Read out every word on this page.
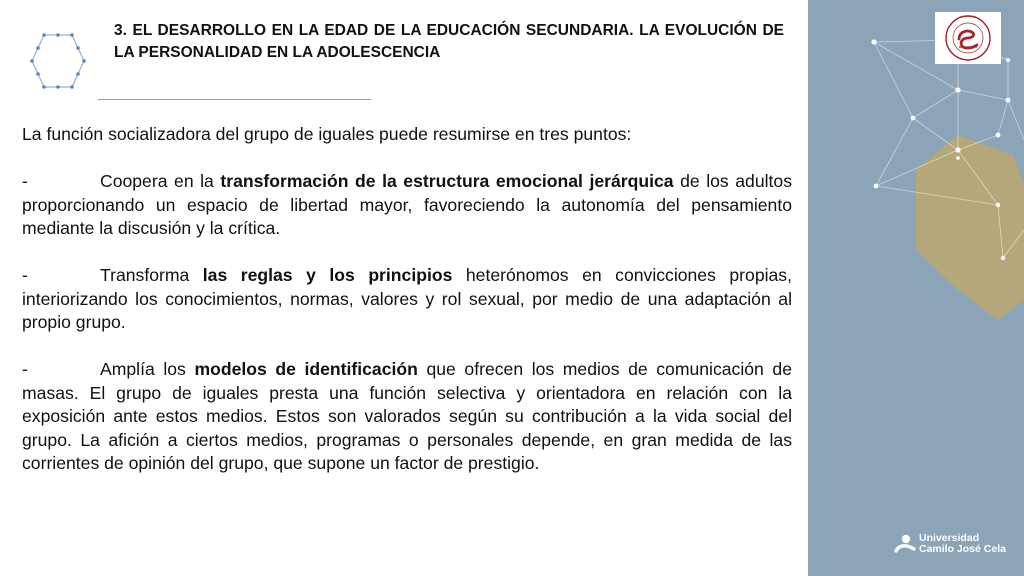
3. EL DESARROLLO EN LA EDAD DE LA EDUCACIÓN SECUNDARIA. LA EVOLUCIÓN DE LA PERSONALIDAD EN LA ADOLESCENCIA

La función socializadora del grupo de iguales puede resumirse en tres puntos:

-	Coopera en la transformación de la estructura emocional jerárquica de los adultos proporcionando un espacio de libertad mayor, favoreciendo la autonomía del pensamiento mediante la discusión y la crítica.

-	Transforma las reglas y los principios heterónomos en convicciones propias, interiorizando los conocimientos, normas, valores y rol sexual, por medio de una adaptación al propio grupo.

-	Amplía los modelos de identificación que ofrecen los medios de comunicación de masas. El grupo de iguales presta una función selectiva y orientadora en relación con la exposición ante estos medios. Estos son valorados según su contribución a la vida social del grupo. La afición a ciertos medios, programas o personales depende, en gran medida de las corrientes de opinión del grupo, que supone un factor de prestigio.

Universidad
Camilo José Cela
